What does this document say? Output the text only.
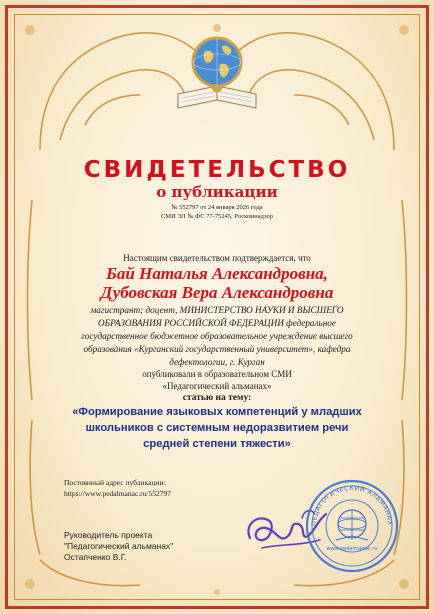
СВИДЕТЕЛЬСТВО
о публикации
№ 552797 от 24 января 2026 года
СМИ ЭЛ № ФС 77-75245, Роскомнадзор
Настоящим свидетельством подтверждается, что
Бай Наталья Александровна,
Дубовская Вера Александровна
магистрант; доцент, МИНИСТЕРСТВО НАУКИ И ВЫСШЕГО
ОБРАЗОВАНИЯ РОССИЙСКОЙ ФЕДЕРАЦИИ федеральное
государственное бюджетное образовательное учреждение высшего
образования «Курганский государственный университет», кафедра
дефектологии, г. Курган
опубликовали в образовательном СМИ
«Педагогический альманах»
статью на тему:
«Формирование языковых компетенций у младших
школьников с системным недоразвитием речи
средней степени тяжести»
Постоянный адрес публикации:
https://www.pedalmanac.ru/552797
Руководитель проекта
"Педагогический альманах"
Остапченко В.Г.
ПЕДАГОГИЧЕСКИЙ АЛЬМАНАХ
www.pedalmanac.ru
